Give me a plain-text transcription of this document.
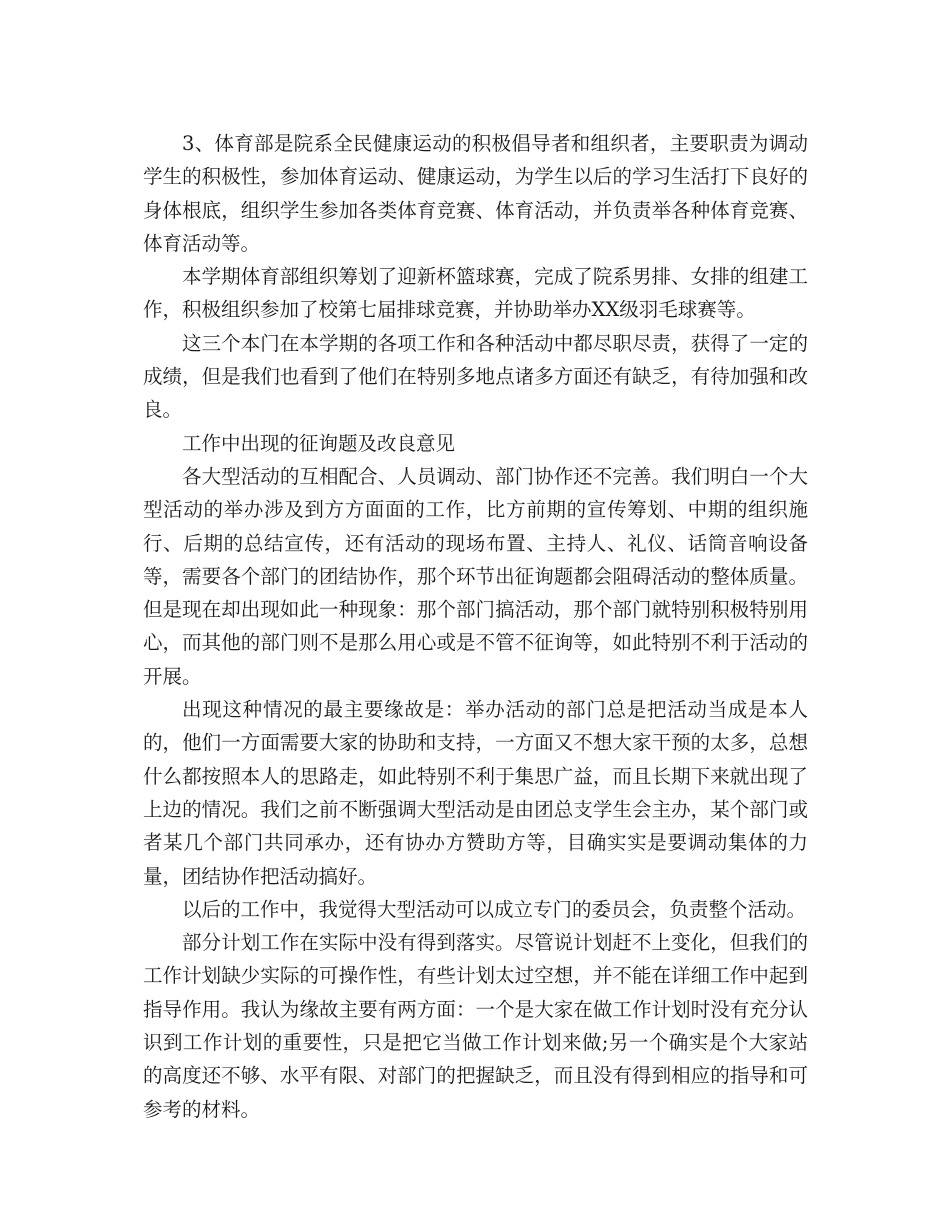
3、体育部是院系全民健康运动的积极倡导者和组织者，主要职责为调动学生的积极性，参加体育运动、健康运动，为学生以后的学习生活打下良好的身体根底，组织学生参加各类体育竞赛、体育活动，并负责举各种体育竞赛、体育活动等。

本学期体育部组织筹划了迎新杯篮球赛，完成了院系男排、女排的组建工作，积极组织参加了校第七届排球竞赛，并协助举办XX级羽毛球赛等。

这三个本门在本学期的各项工作和各种活动中都尽职尽责，获得了一定的成绩，但是我们也看到了他们在特别多地点诸多方面还有缺乏，有待加强和改良。

工作中出现的征询题及改良意见

各大型活动的互相配合、人员调动、部门协作还不完善。我们明白一个大型活动的举办涉及到方方面面的工作，比方前期的宣传筹划、中期的组织施行、后期的总结宣传，还有活动的现场布置、主持人、礼仪、话筒音响设备等，需要各个部门的团结协作，那个环节出征询题都会阻碍活动的整体质量。但是现在却出现如此一种现象：那个部门搞活动，那个部门就特别积极特别用心，而其他的部门则不是那么用心或是不管不征询等，如此特别不利于活动的开展。

出现这种情况的最主要缘故是：举办活动的部门总是把活动当成是本人的，他们一方面需要大家的协助和支持，一方面又不想大家干预的太多，总想什么都按照本人的思路走，如此特别不利于集思广益，而且长期下来就出现了上边的情况。我们之前不断强调大型活动是由团总支学生会主办，某个部门或者某几个部门共同承办，还有协办方赞助方等，目确实实是要调动集体的力量，团结协作把活动搞好。

以后的工作中，我觉得大型活动可以成立专门的委员会，负责整个活动。

部分计划工作在实际中没有得到落实。尽管说计划赶不上变化，但我们的工作计划缺少实际的可操作性，有些计划太过空想，并不能在详细工作中起到指导作用。我认为缘故主要有两方面：一个是大家在做工作计划时没有充分认识到工作计划的重要性，只是把它当做工作计划来做;另一个确实是个大家站的高度还不够、水平有限、对部门的把握缺乏，而且没有得到相应的指导和可参考的材料。
